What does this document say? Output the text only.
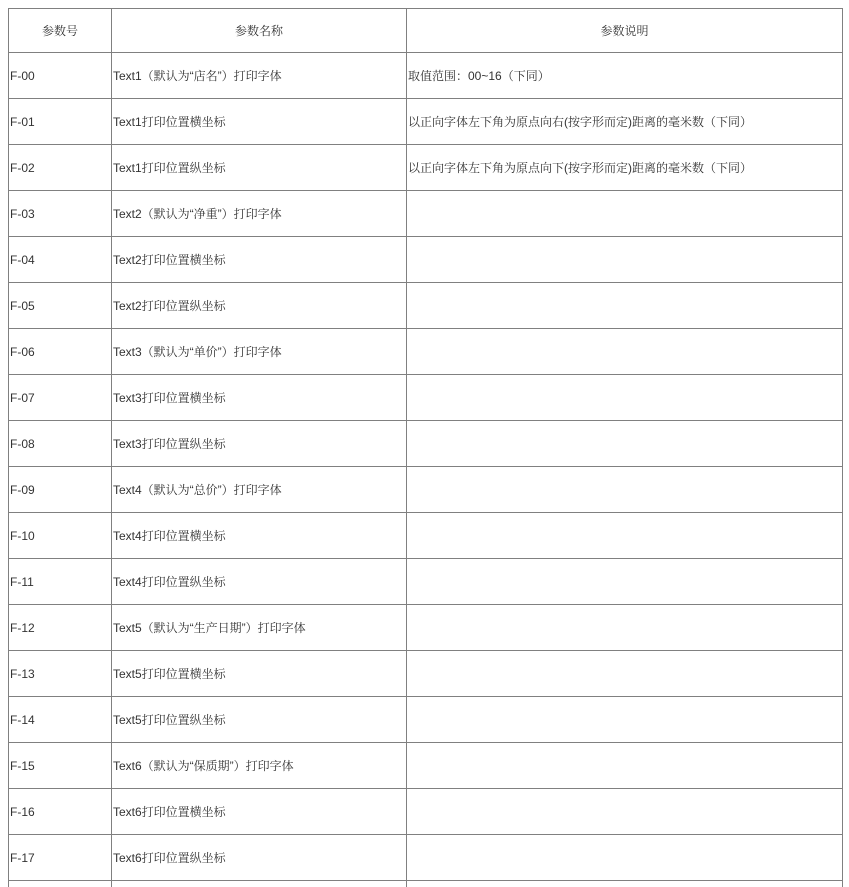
参数号	参数名称	参数说明
F-00	Text1（默认为“店名”）打印字体	取值范围：00~16（下同）
F-01	Text1打印位置横坐标	以正向字体左下角为原点向右(按字形而定)距离的毫米数（下同）
F-02	Text1打印位置纵坐标	以正向字体左下角为原点向下(按字形而定)距离的毫米数（下同）
F-03	Text2（默认为“净重”）打印字体	
F-04	Text2打印位置横坐标	
F-05	Text2打印位置纵坐标	
F-06	Text3（默认为“单价”）打印字体	
F-07	Text3打印位置横坐标	
F-08	Text3打印位置纵坐标	
F-09	Text4（默认为“总价”）打印字体	
F-10	Text4打印位置横坐标	
F-11	Text4打印位置纵坐标	
F-12	Text5（默认为“生产日期”）打印字体	
F-13	Text5打印位置横坐标	
F-14	Text5打印位置纵坐标	
F-15	Text6（默认为“保质期”）打印字体	
F-16	Text6打印位置横坐标	
F-17	Text6打印位置纵坐标	
